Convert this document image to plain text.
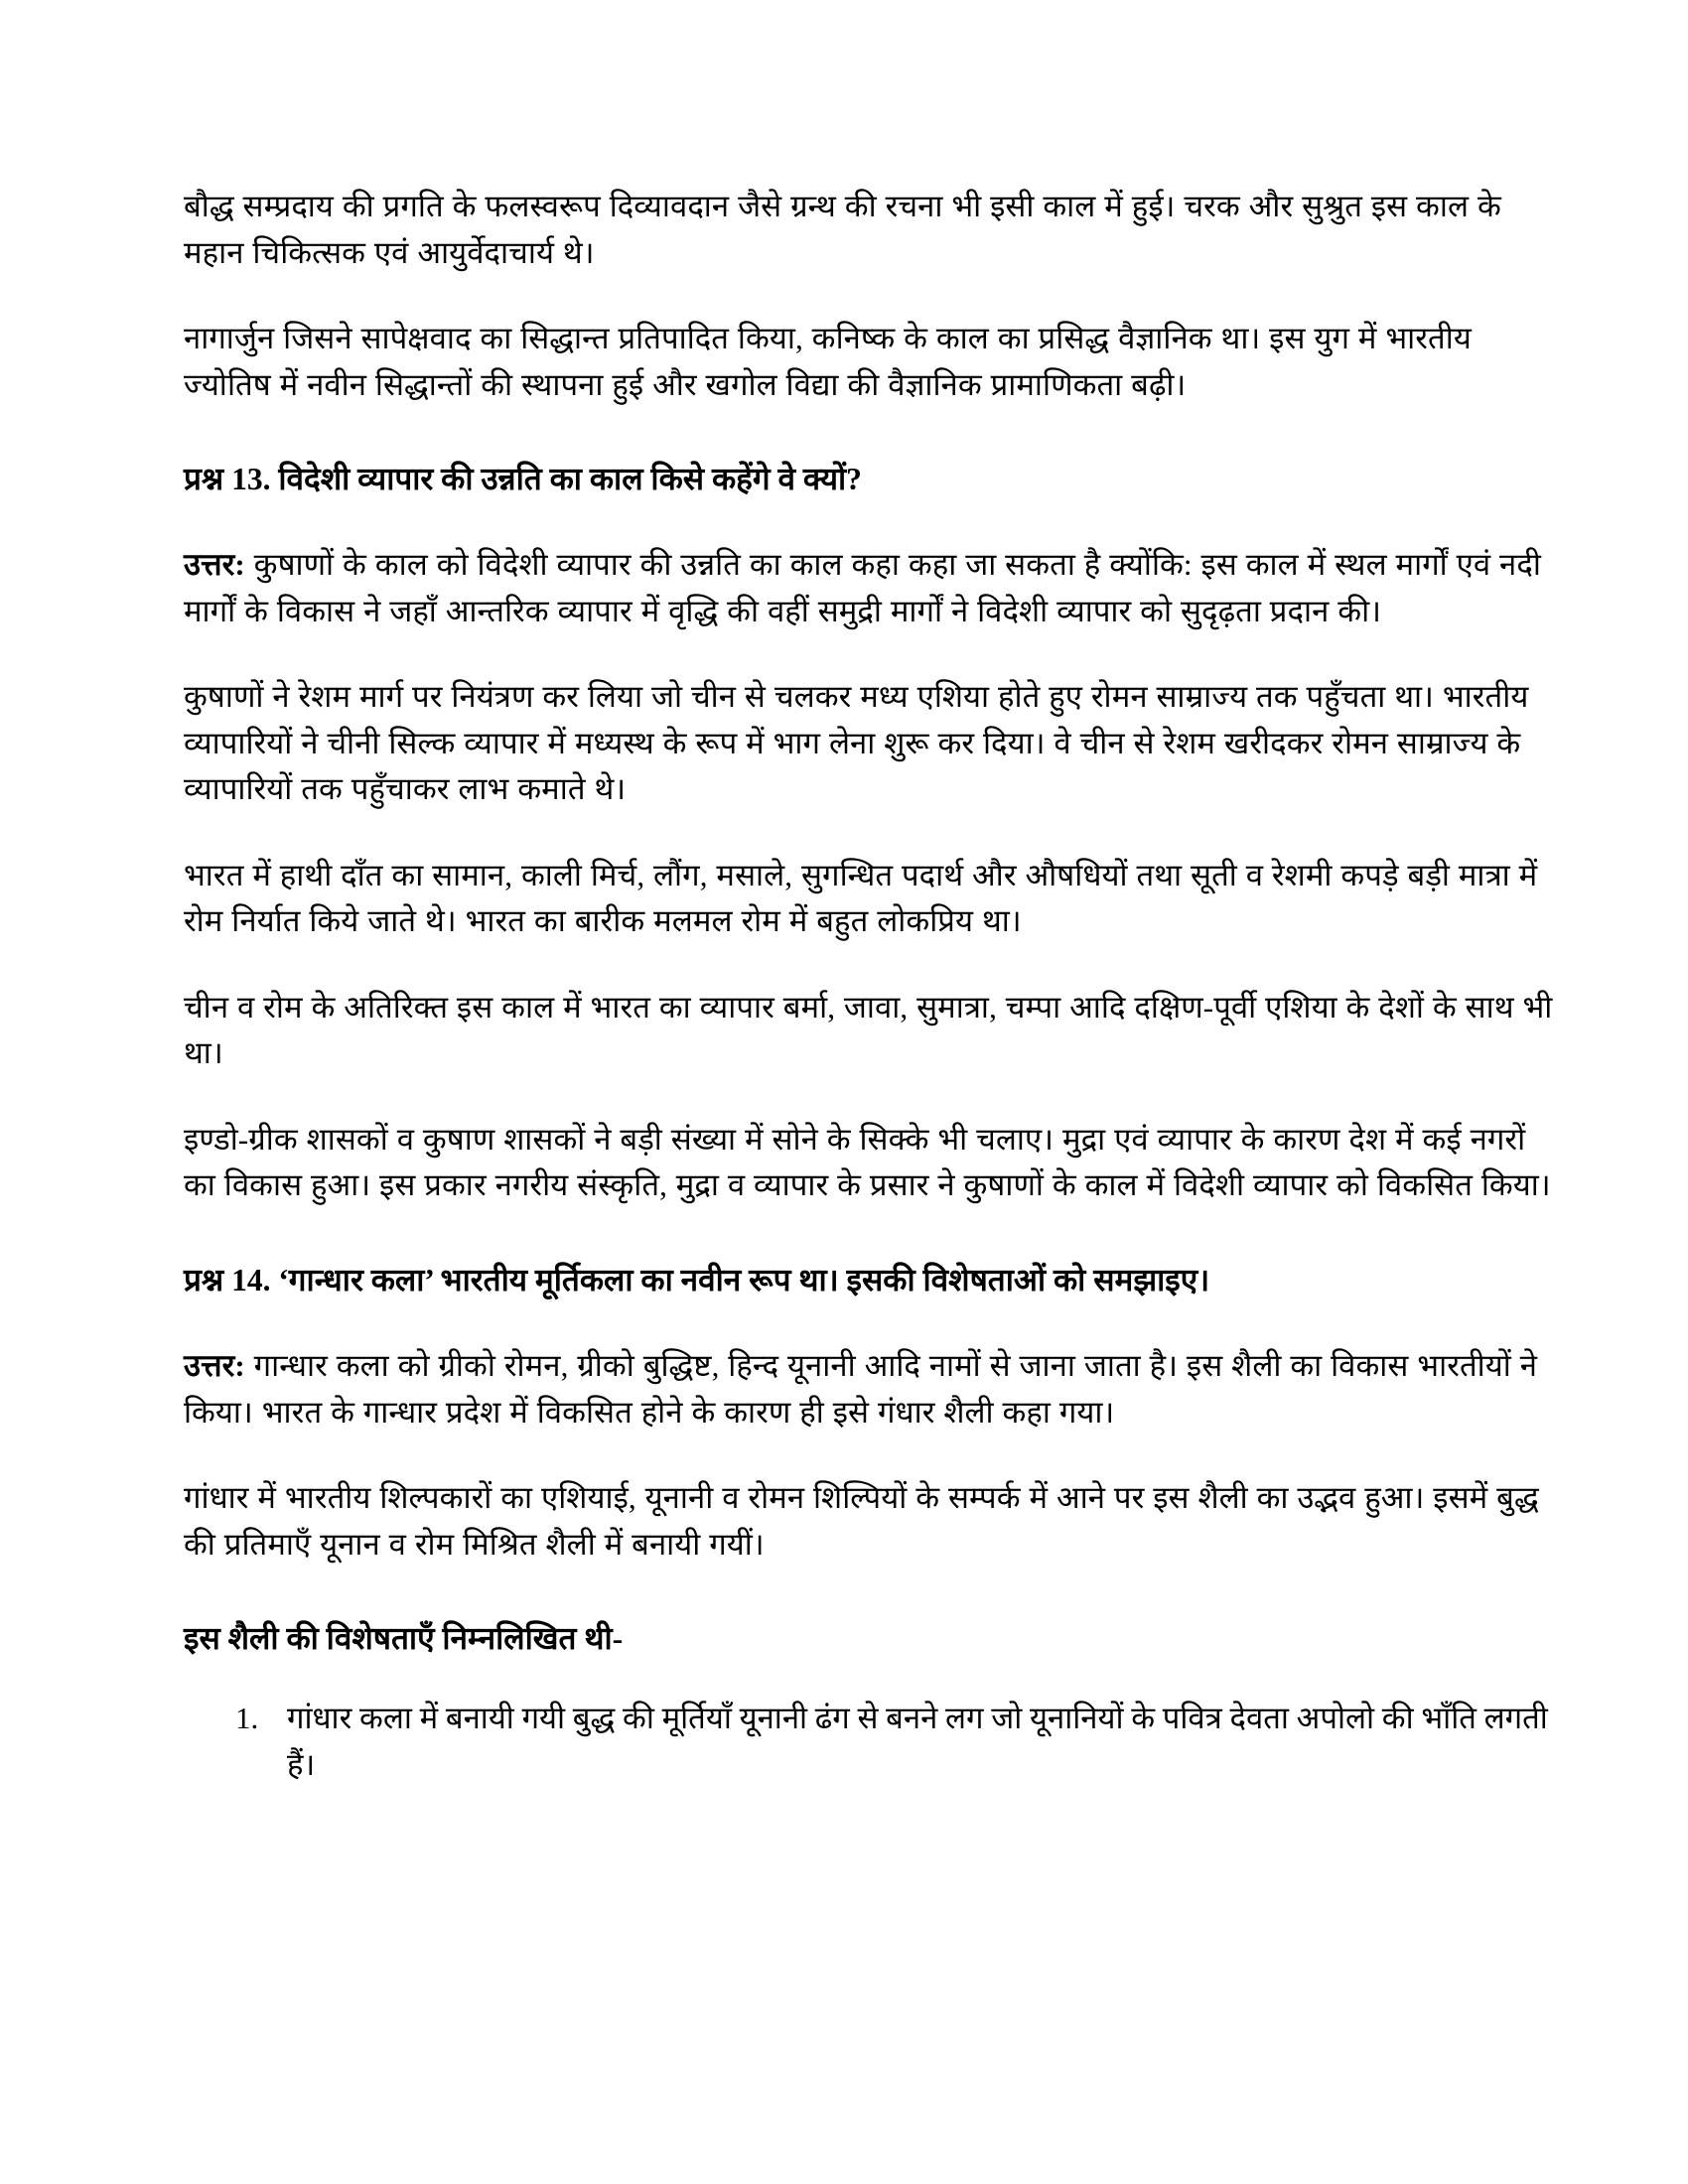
बौद्ध सम्प्रदाय की प्रगति के फलस्वरूप दिव्यावदान जैसे ग्रन्थ की रचना भी इसी काल में हुई। चरक और सुश्रुत इस काल के महान चिकित्सक एवं आयुर्वेदाचार्य थे।

नागार्जुन जिसने सापेक्षवाद का सिद्धान्त प्रतिपादित किया, कनिष्क के काल का प्रसिद्ध वैज्ञानिक था। इस युग में भारतीय ज्योतिष में नवीन सिद्धान्तों की स्थापना हुई और खगोल विद्या की वैज्ञानिक प्रामाणिकता बढ़ी।

प्रश्न 13. विदेशी व्यापार की उन्नति का काल किसे कहेंगे वे क्यों?

उत्तर: कुषाणों के काल को विदेशी व्यापार की उन्नति का काल कहा कहा जा सकता है क्योंकि: इस काल में स्थल मार्गों एवं नदी मार्गों के विकास ने जहाँ आन्तरिक व्यापार में वृद्धि की वहीं समुद्री मार्गों ने विदेशी व्यापार को सुदृढ़ता प्रदान की।

कुषाणों ने रेशम मार्ग पर नियंत्रण कर लिया जो चीन से चलकर मध्य एशिया होते हुए रोमन साम्राज्य तक पहुँचता था। भारतीय व्यापारियों ने चीनी सिल्क व्यापार में मध्यस्थ के रूप में भाग लेना शुरू कर दिया। वे चीन से रेशम खरीदकर रोमन साम्राज्य के व्यापारियों तक पहुँचाकर लाभ कमाते थे।

भारत में हाथी दाँत का सामान, काली मिर्च, लौंग, मसाले, सुगन्धित पदार्थ और औषधियों तथा सूती व रेशमी कपड़े बड़ी मात्रा में रोम निर्यात किये जाते थे। भारत का बारीक मलमल रोम में बहुत लोकप्रिय था।

चीन व रोम के अतिरिक्त इस काल में भारत का व्यापार बर्मा, जावा, सुमात्रा, चम्पा आदि दक्षिण-पूर्वी एशिया के देशों के साथ भी था।

इण्डो-ग्रीक शासकों व कुषाण शासकों ने बड़ी संख्या में सोने के सिक्के भी चलाए। मुद्रा एवं व्यापार के कारण देश में कई नगरों का विकास हुआ। इस प्रकार नगरीय संस्कृति, मुद्रा व व्यापार के प्रसार ने कुषाणों के काल में विदेशी व्यापार को विकसित किया।

प्रश्न 14. ‘गान्धार कला’ भारतीय मूर्तिकला का नवीन रूप था। इसकी विशेषताओं को समझाइए।

उत्तर: गान्धार कला को ग्रीको रोमन, ग्रीको बुद्धिष्ट, हिन्द यूनानी आदि नामों से जाना जाता है। इस शैली का विकास भारतीयों ने किया। भारत के गान्धार प्रदेश में विकसित होने के कारण ही इसे गंधार शैली कहा गया।

गांधार में भारतीय शिल्पकारों का एशियाई, यूनानी व रोमन शिल्पियों के सम्पर्क में आने पर इस शैली का उद्भव हुआ। इसमें बुद्ध की प्रतिमाएँ यूनान व रोम मिश्रित शैली में बनायी गयीं।

इस शैली की विशेषताएँ निम्नलिखित थी-
गांधार कला में बनायी गयी बुद्ध की मूर्तियाँ यूनानी ढंग से बनने लग जो यूनानियों के पवित्र देवता अपोलो की भाँति लगती हैं।
